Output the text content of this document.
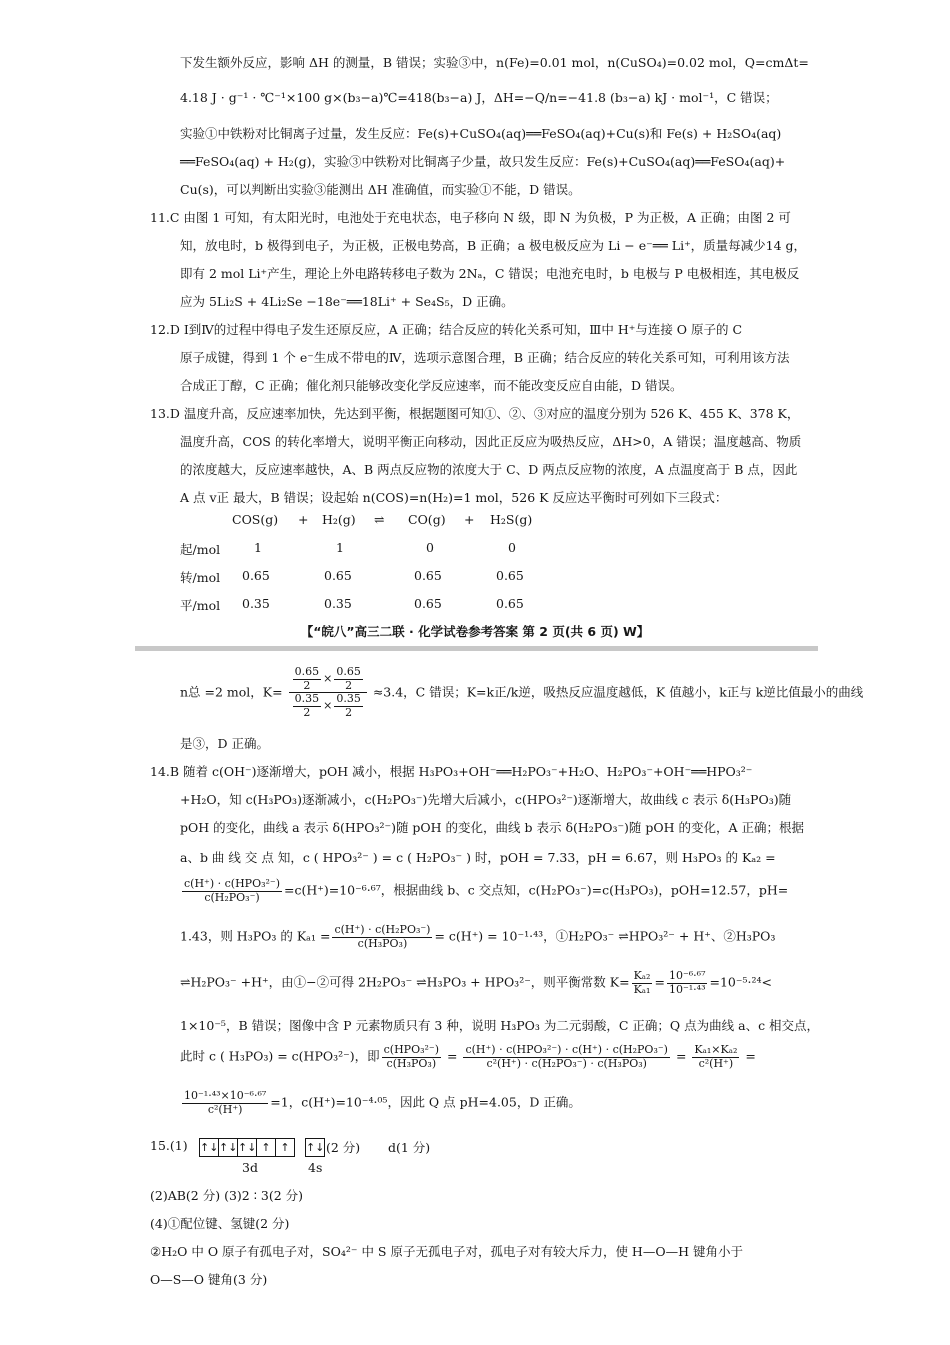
下发生额外反应，影响 ΔH 的测量，B 错误；实验③中，n(Fe)=0.01 mol，n(CuSO₄)=0.02 mol，Q=cmΔt=
4.18 J · g⁻¹ · ℃⁻¹×100 g×(b₃−a)℃=418(b₃−a) J，ΔH=−Q/n=−41.8 (b₃−a) kJ · mol⁻¹，C 错误；
实验①中铁粉对比铜离子过量，发生反应：Fe(s)+CuSO₄(aq)══FeSO₄(aq)+Cu(s)和 Fe(s) + H₂SO₄(aq)
══FeSO₄(aq) + H₂(g)，实验③中铁粉对比铜离子少量，故只发生反应：Fe(s)+CuSO₄(aq)══FeSO₄(aq)+
Cu(s)，可以判断出实验③能测出 ΔH 准确值，而实验①不能，D 错误。
11.C 由图 1 可知，有太阳光时，电池处于充电状态，电子移向 N 级，即 N 为负极，P 为正极，A 正确；由图 2 可
知，放电时，b 极得到电子，为正极，正极电势高，B 正确；a 极电极反应为 Li − e⁻══ Li⁺，质量每减少14 g，
即有 2 mol Li⁺产生，理论上外电路转移电子数为 2Nₐ，C 错误；电池充电时，b 电极与 P 电极相连，其电极反
应为 5Li₂S + 4Li₂Se −18e⁻══18Li⁺ + Se₄S₅，D 正确。
12.D Ⅰ到Ⅳ的过程中得电子发生还原反应，A 正确；结合反应的转化关系可知，Ⅲ中 H⁺与连接 O 原子的 C
原子成键，得到 1 个 e⁻生成不带电的Ⅳ，选项示意图合理，B 正确；结合反应的转化关系可知，可利用该方法
合成正丁醇，C 正确；催化剂只能够改变化学反应速率，而不能改变反应自由能，D 错误。
13.D 温度升高，反应速率加快，先达到平衡，根据题图可知①、②、③对应的温度分别为 526 K、455 K、378 K，
温度升高，COS 的转化率增大，说明平衡正向移动，因此正反应为吸热反应，ΔH>0，A 错误；温度越高、物质
的浓度越大，反应速率越快，A、B 两点反应物的浓度大于 C、D 两点反应物的浓度，A 点温度高于 B 点，因此
A 点 v正 最大，B 错误；设起始 n(COS)=n(H₂)=1 mol，526 K 反应达平衡时可列如下三段式：
COS(g) + H₂(g) ⇌ CO(g) + H₂S(g)
起/mol	1	1	0	0
转/mol 0.65	0.65	0.65	0.65
平/mol 0.35	0.35	0.65	0.65
【“皖八”高三二联 · 化学试卷参考答案 第 2 页(共 6 页) W】
n总 =2 mol，$K= \frac{\frac{0.65}{2} \times \frac{0.65}{2}}{\frac{0.35}{2} \times \frac{0.35}{2}} \approx 3.4$，C 错误；K=k正/k逆，吸热反应温度越低，K 值越小，k正与 k逆比值最小的曲线
是③，D 正确。
14.B 随着 c(OH⁻)逐渐增大，pOH 减小，根据 H₃PO₃+OH⁻══H₂PO₃⁻+H₂O、H₂PO₃⁻+OH⁻══HPO₃²⁻
+H₂O，知 c(H₃PO₃)逐渐减小，c(H₂PO₃⁻)先增大后减小，c(HPO₃²⁻)逐渐增大，故曲线 c 表示 δ(H₃PO₃)随
pOH 的变化，曲线 a 表示 δ(HPO₃²⁻)随 pOH 的变化，曲线 b 表示 δ(H₂PO₃⁻)随 pOH 的变化，A 正确；根据
a、b 曲 线 交 点 知，c ( HPO₃²⁻ ) = c ( H₂PO₃⁻ ) 时，pOH = 7.33，pH = 6.67，则 H₃PO₃ 的 Kₐ₂ =
$\frac{\text{c(H⁺) · c(HPO₃²⁻)}}{\text{c(H₂PO₃⁻)}} =c(H^+)=10^{-6}\cdot^{67}$，根据曲线 b、c 交点知，c(H₂PO₃⁻)=c(H₃PO₃)，pOH=12.57，pH=
1.43，则 H₃PO₃ 的 $K_{a1} = \frac{\text{c(H⁺) · c(H₂PO₃⁻)}}{\text{c(H₃PO₃)}} = c(H^+) = 10^{-1}\cdot^{43}$，①H₂PO₃⁻ ⇌HPO₃²⁻ + H⁺、②H₃PO₃
⇌H₂PO₃⁻ +H⁺，由①−②可得 2H₂PO₃⁻ ⇌H₃PO₃ + HPO₃²⁻，则平衡常数 $K= \frac{\text{Kₐ₂}}{\text{Kₐ₁}} = \frac{\text{10⁻⁶·⁶⁷}}{\text{10⁻¹·⁴³}} =10^{-5}\cdot^{24}<$
1×10⁻⁵，B 错误；图像中含 P 元素物质只有 3 种，说明 H₃PO₃ 为二元弱酸，C 正确；Q 点为曲线 a、c 相交点，
此时 c ( H₃PO₃) = c(HPO₃²⁻)，即 $\frac{\text{c(HPO₃²⁻)}}{\text{c(H₃PO₃)}} = \frac{\text{c(H⁺) · c(HPO₃²⁻) · c(H⁺) · c(H₂PO₃⁻)}}{\text{c²(H⁺) · c(H₂PO₃⁻) · c(H₃PO₃)}} = \frac{\text{Kₐ₁×Kₐ₂}}{\text{c²(H⁺)}}$ =
$\frac{\text{10⁻¹·⁴³×10⁻⁶·⁶⁷}}{\text{c²(H⁺)}} =1$，c(H⁺)=10⁻⁴·⁰⁵，因此 Q 点 pH=4.05，D 正确。
15.(1) ↑↓ ↑↓ ↑↓ ↑ ↑	↑↓ (2 分) d(1 分)
3d	4s
(2)AB(2 分) (3)2 ∶ 3(2 分)
(4)①配位键、氢键(2 分)
②H₂O 中 O 原子有孤电子对，SO₄²⁻ 中 S 原子无孤电子对，孤电子对有较大斥力，使 H—O—H 键角小于
O—S—O 键角(3 分)
